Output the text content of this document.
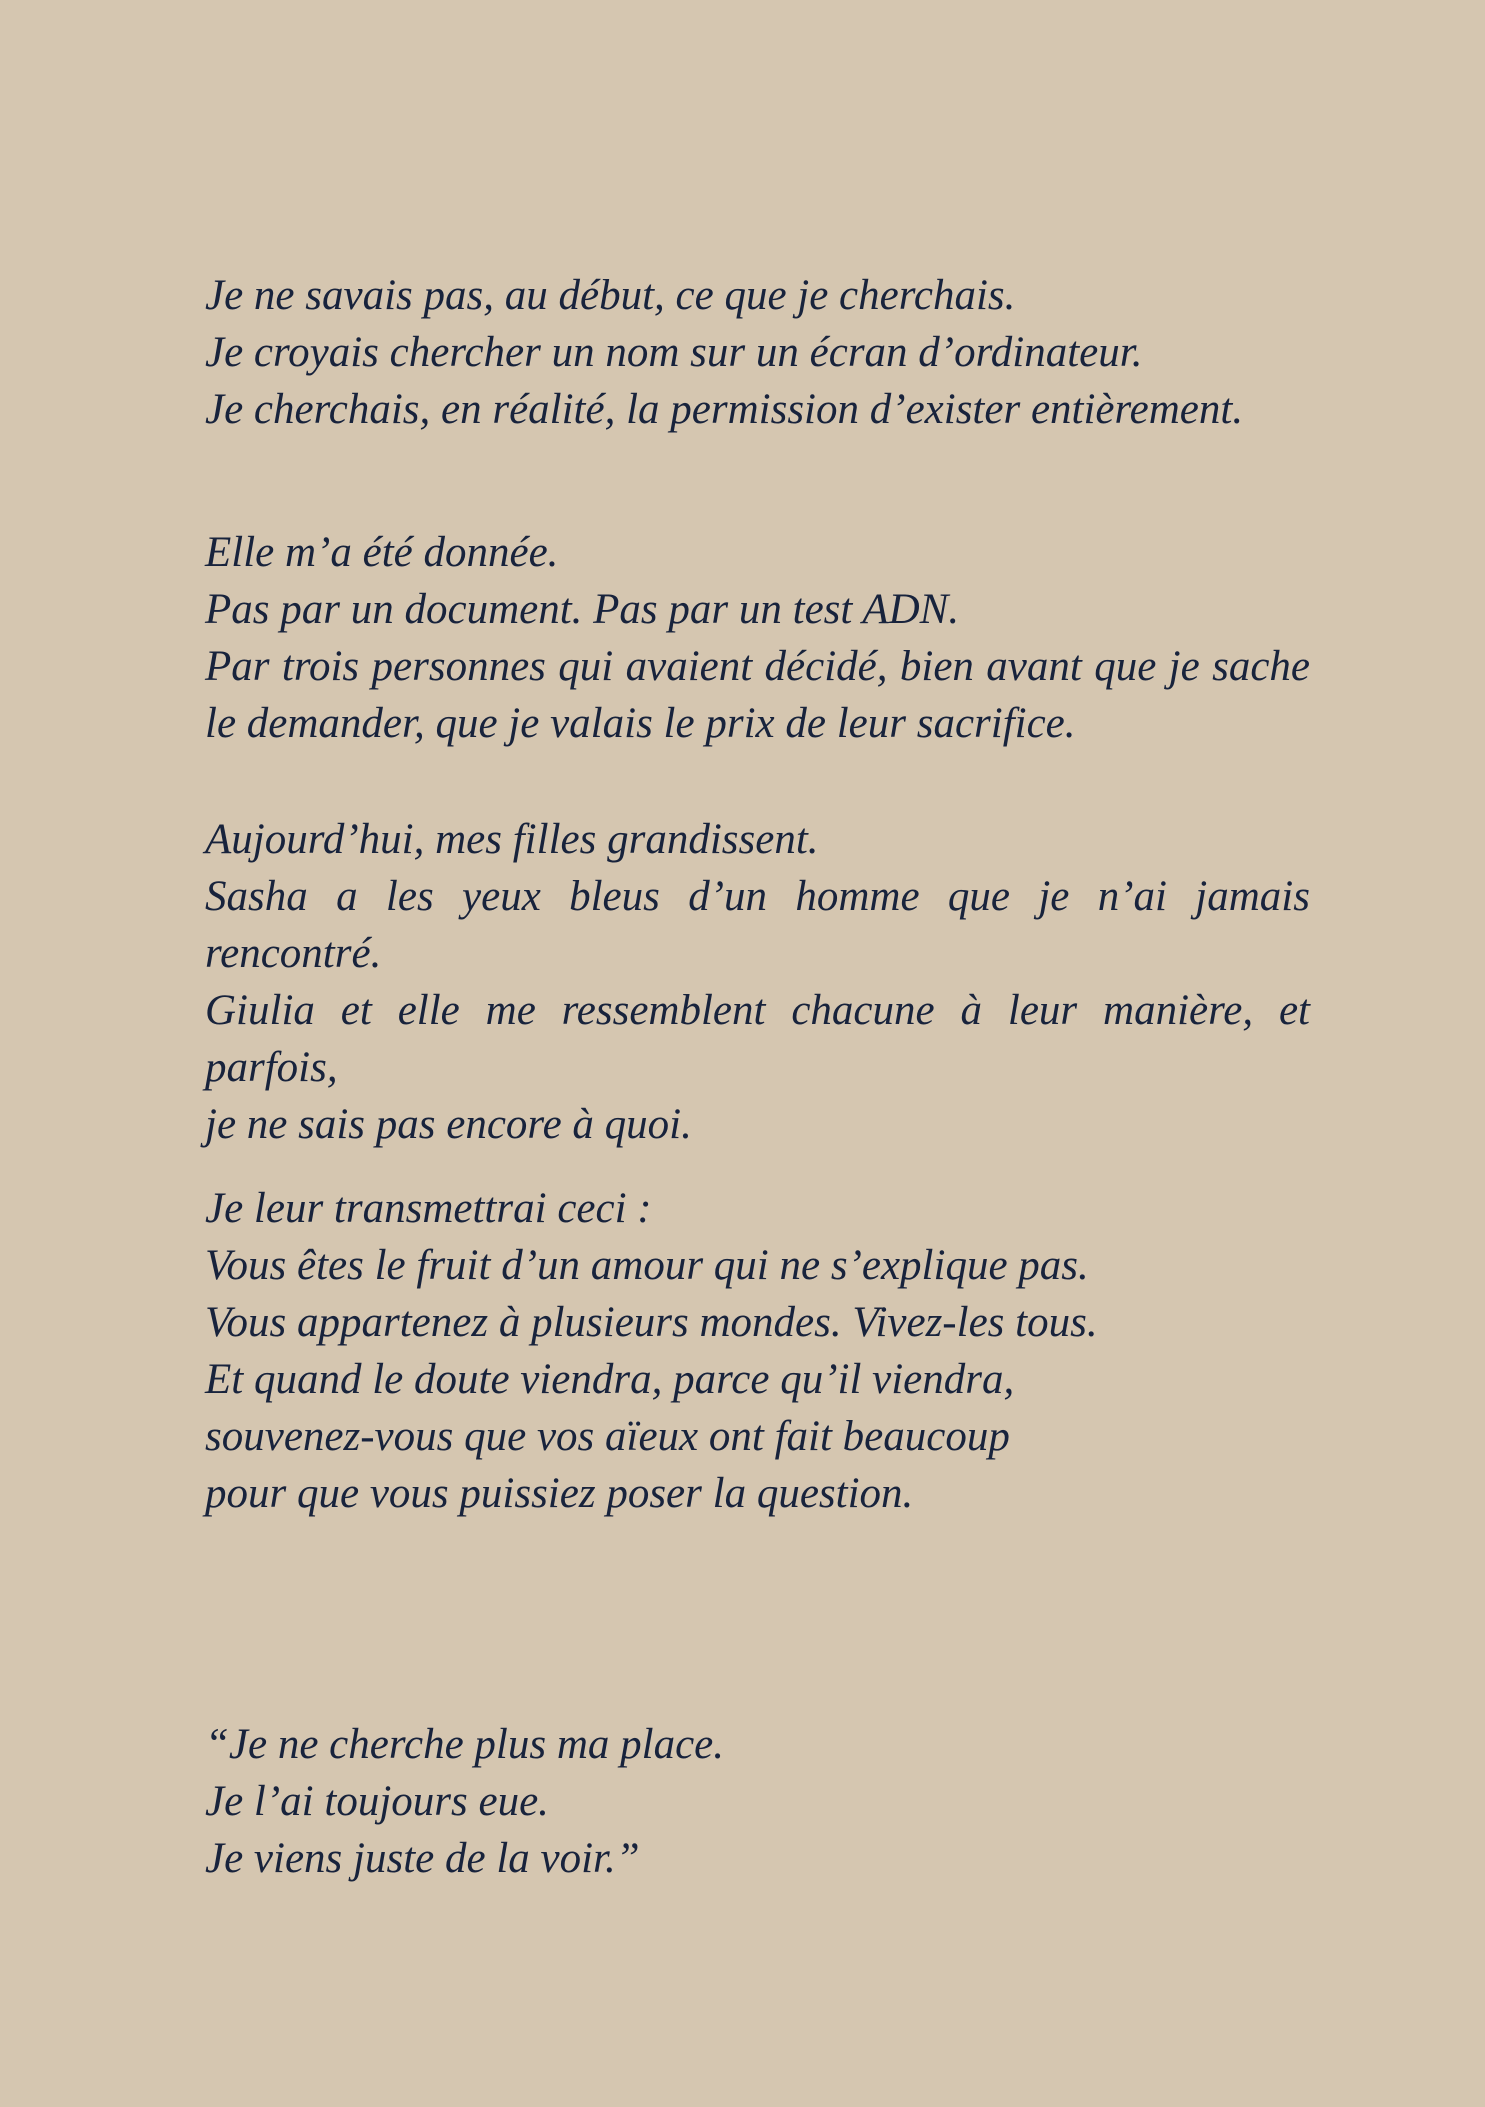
Je ne savais pas, au début, ce que je cherchais.
Je croyais chercher un nom sur un écran d’ordinateur.
Je cherchais, en réalité, la permission d’exister entièrement.
Elle m’a été donnée.
Pas par un document. Pas par un test ADN.
Par trois personnes qui avaient décidé, bien avant que je sache
le demander, que je valais le prix de leur sacrifice.
Aujourd’hui, mes filles grandissent.
Sasha a les yeux bleus d’un homme que je n’ai jamais
rencontré.
Giulia et elle me ressemblent chacune à leur manière, et parfois,
je ne sais pas encore à quoi.
Je leur transmettrai ceci :
Vous êtes le fruit d’un amour qui ne s’explique pas.
Vous appartenez à plusieurs mondes. Vivez-les tous.
Et quand le doute viendra, parce qu’il viendra,
souvenez-vous que vos aïeux ont fait beaucoup
pour que vous puissiez poser la question.
“Je ne cherche plus ma place.
Je l’ai toujours eue.
Je viens juste de la voir.”
